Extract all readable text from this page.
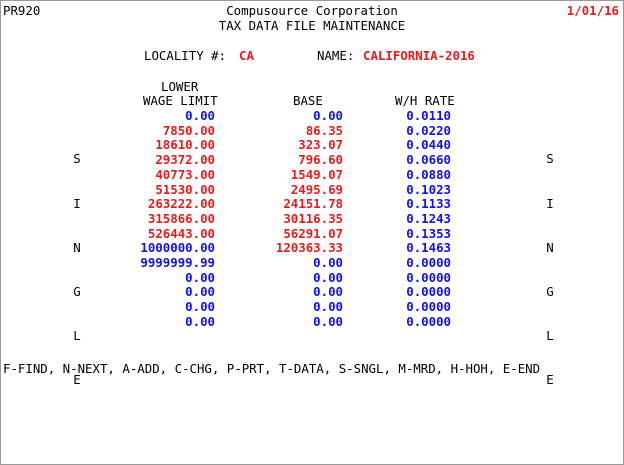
PR920	Compusource Corporation
TAX DATA FILE MAINTENANCE
1/01/16
LOCALITY #: CA	NAME: CALIFORNIA-2016
LOWER
WAGE LIMIT	BASE	W/H RATE
0.00	0.00	0.0110
7850.00	86.35	0.0220
18610.00	323.07	0.0440
29372.00	796.60	0.0660
40773.00	1549.07	0.0880
51530.00	2495.69	0.1023
263222.00	24151.78	0.1133
315866.00	30116.35	0.1243
526443.00	56291.07	0.1353
1000000.00	120363.33	0.1463
9999999.99	0.00	0.0000
0.00	0.00	0.0000
0.00	0.00	0.0000
0.00	0.00	0.0000
0.00	0.00	0.0000

S

I

N

G

L

E

S

I

N

G

L

E

F-FIND, N-NEXT, A-ADD, C-CHG, P-PRT, T-DATA, S-SNGL, M-MRD, H-HOH, E-END
